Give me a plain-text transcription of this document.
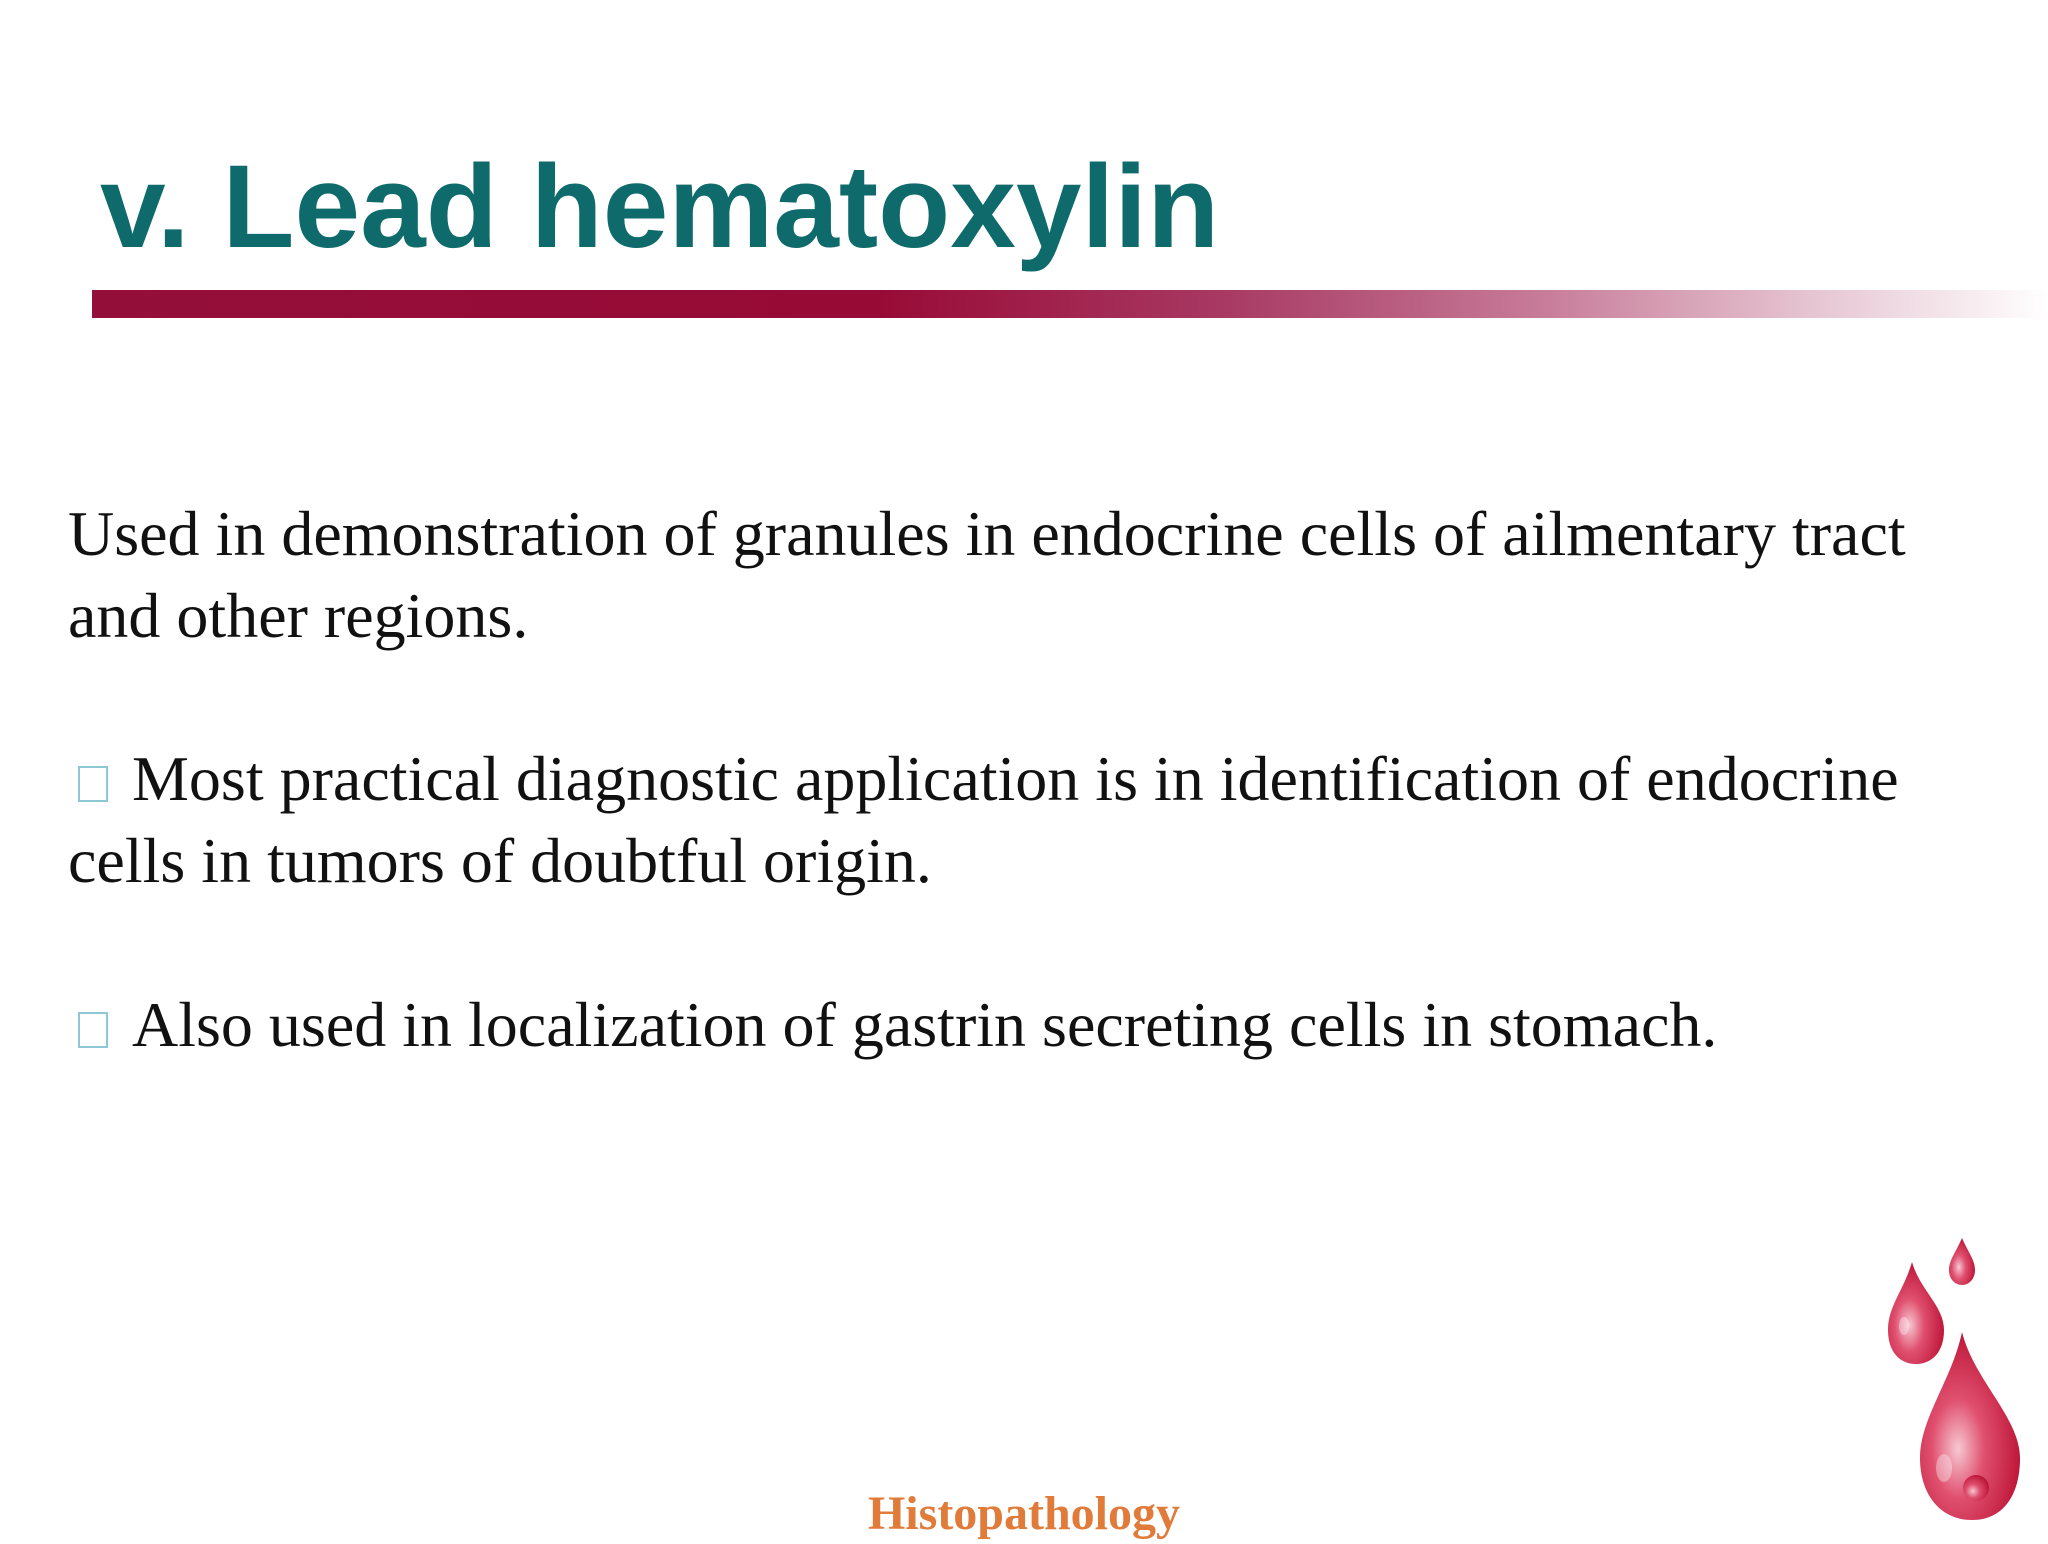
v. Lead hematoxylin

Used in demonstration of granules in endocrine cells of ailmentary tract and other regions.

Most practical diagnostic application is in identification of endocrine cells in tumors of doubtful origin.

Also used in localization of gastrin secreting cells in stomach.

Histopathology
